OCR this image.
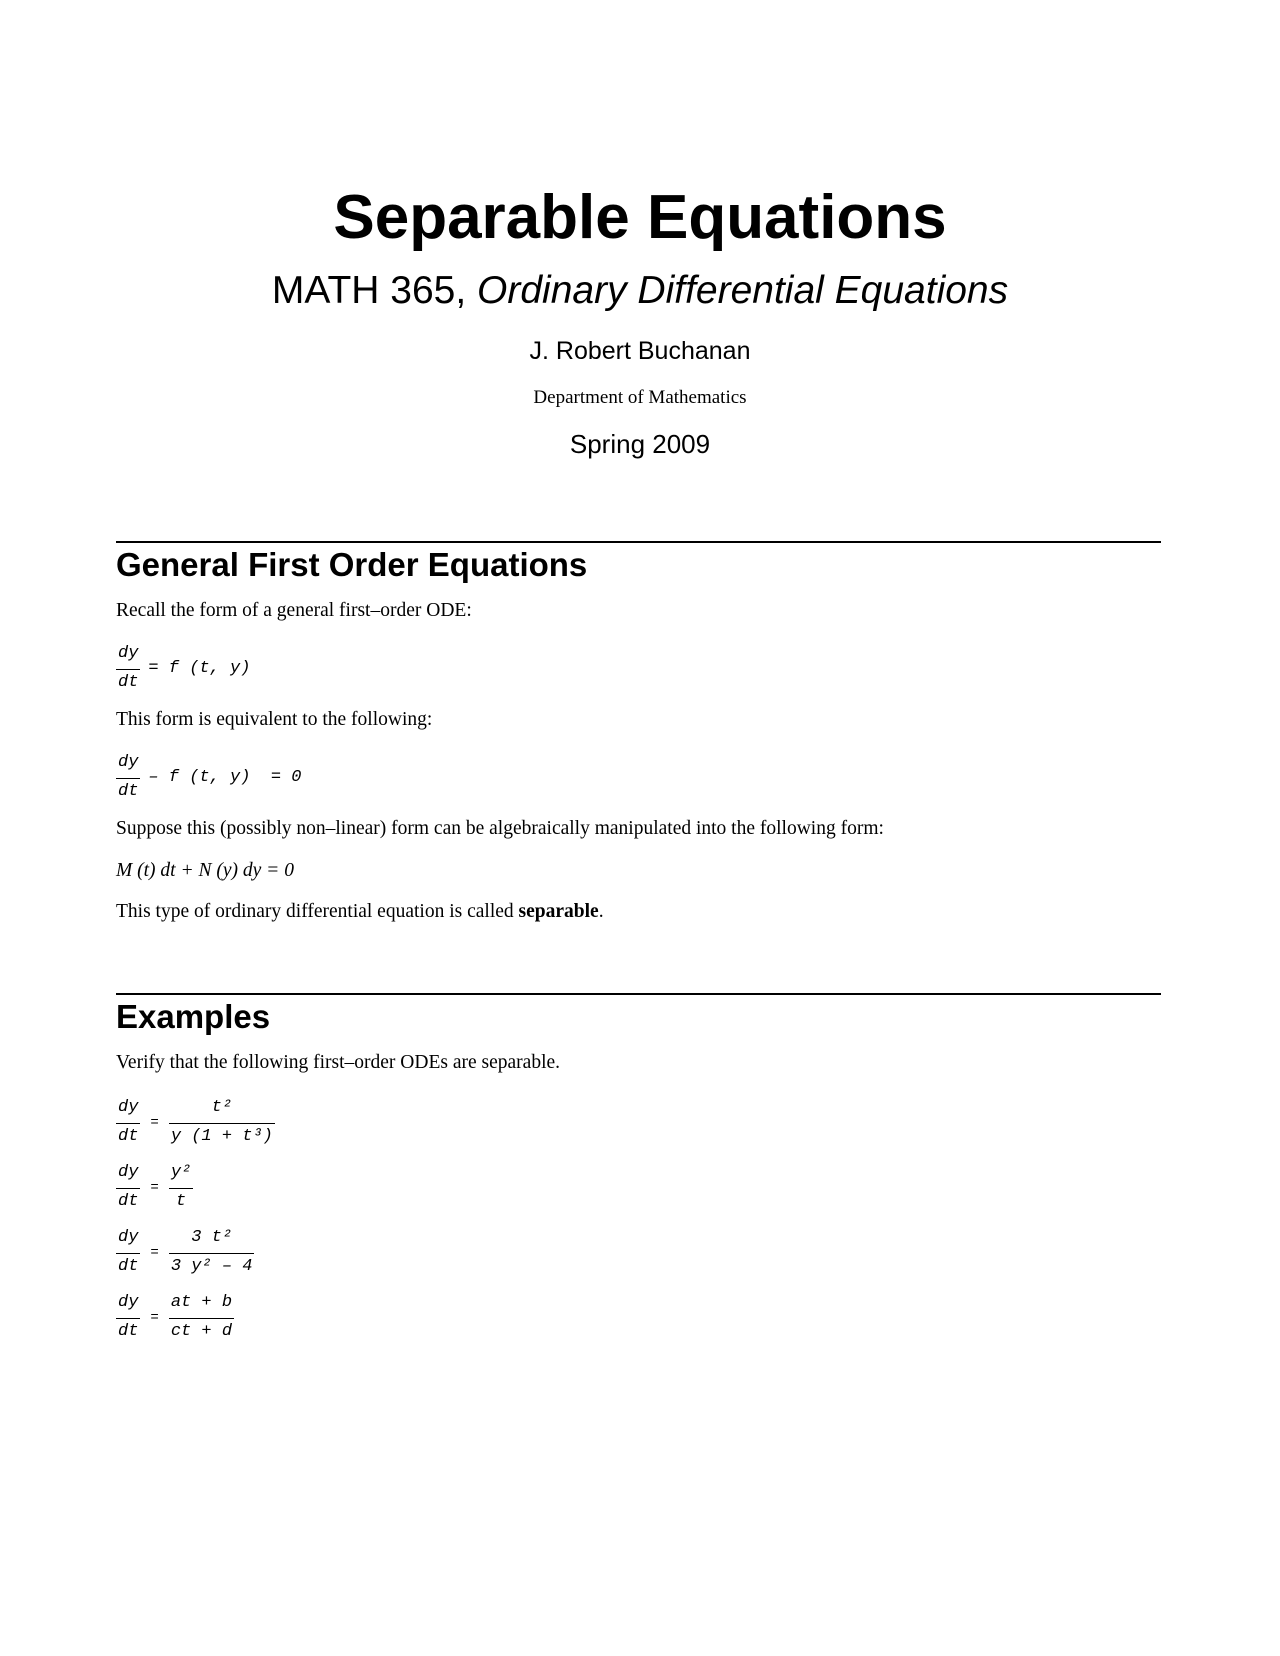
Separable Equations
MATH 365, Ordinary Differential Equations
J. Robert Buchanan
Department of Mathematics
Spring 2009
General First Order Equations
Recall the form of a general first–order ODE:
$\frac{dy}{dt} = f$ (t, y)
This form is equivalent to the following:
$\frac{dy}{dt}$ – f (t, y)  = 0
Suppose this (possibly non–linear) form can be algebraically manipulated into the following form:
M (t) dt + N (y) dy = 0
This type of ordinary differential equation is called separable.
Examples
Verify that the following first–order ODEs are separable.
$\frac{dy}{dt} = \frac{\text{t²}}{\text{y (1 + t³)}}$
$\frac{dy}{dt} = \frac{\text{y²}}{t}$
$\frac{dy}{dt} = \frac{\text{3 t²}}{\text{3 y² – 4}}$
$\frac{dy}{dt} = \frac{at + b}{ct + d}$
